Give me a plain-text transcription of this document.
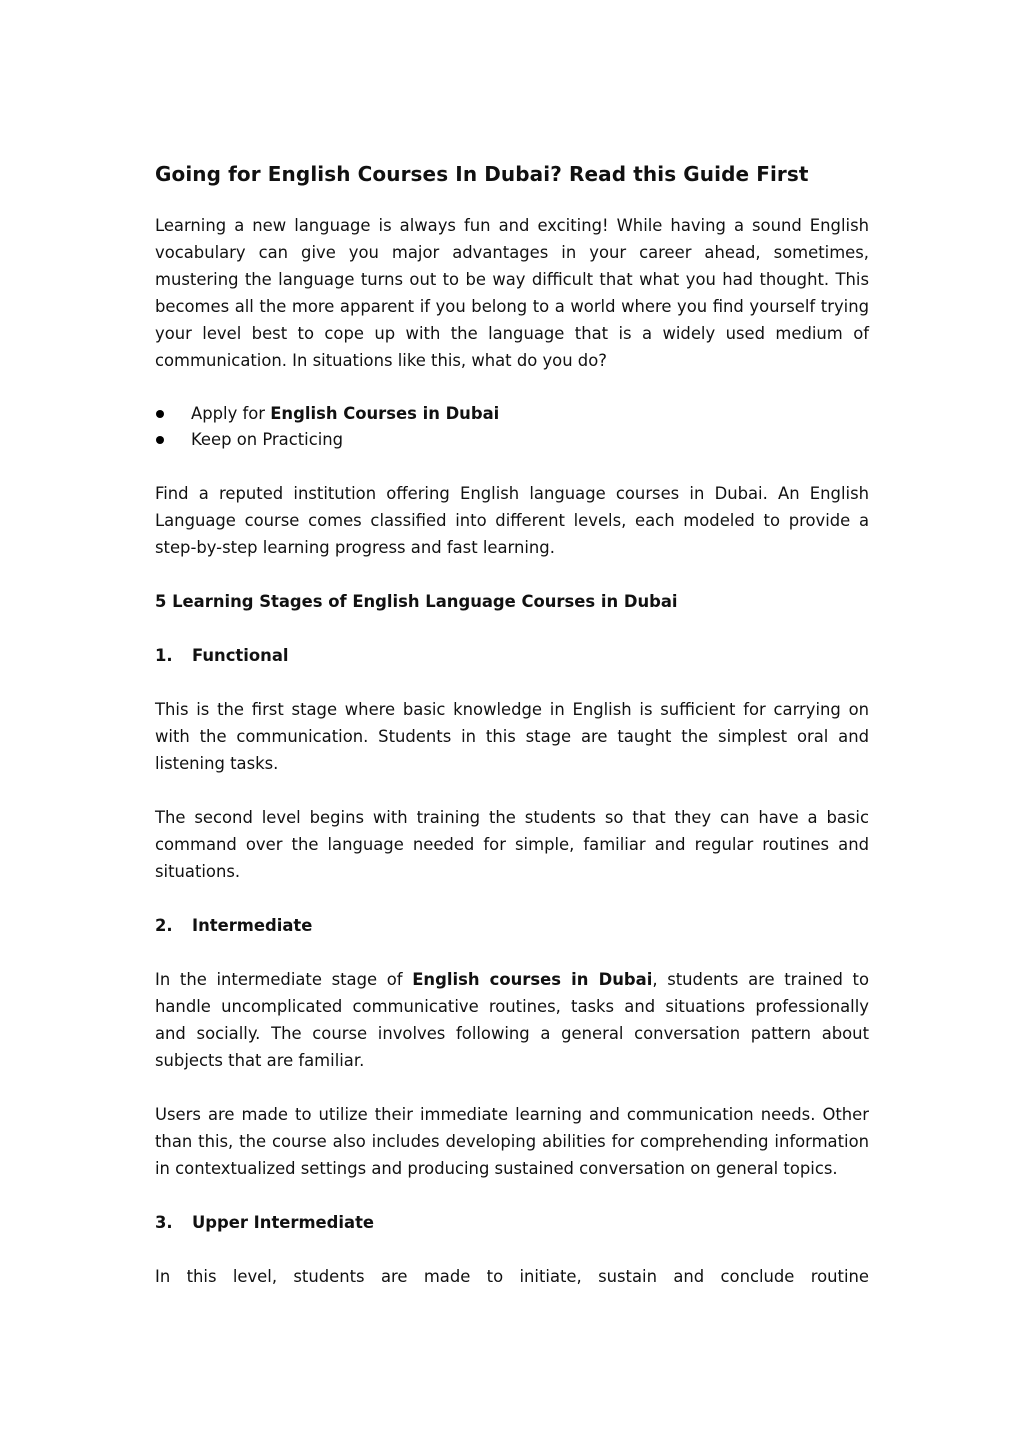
Going for English Courses In Dubai? Read this Guide First

Learning a new language is always fun and exciting! While having a sound English vocabulary can give you major advantages in your career ahead, sometimes, mustering the language turns out to be way difficult that what you had thought. This becomes all the more apparent if you belong to a world where you find yourself trying your level best to cope up with the language that is a widely used medium of communication. In situations like this, what do you do?

Apply for English Courses in Dubai
Keep on Practicing

Find a reputed institution offering English language courses in Dubai. An English Language course comes classified into different levels, each modeled to provide a step-by-step learning progress and fast learning.

5 Learning Stages of English Language Courses in Dubai
1. Functional

This is the first stage where basic knowledge in English is sufficient for carrying on with the communication. Students in this stage are taught the simplest oral and listening tasks.

The second level begins with training the students so that they can have a basic command over the language needed for simple, familiar and regular routines and situations.

2. Intermediate

In the intermediate stage of English courses in Dubai, students are trained to handle uncomplicated communicative routines, tasks and situations professionally and socially. The course involves following a general conversation pattern about subjects that are familiar.

Users are made to utilize their immediate learning and communication needs. Other than this, the course also includes developing abilities for comprehending information in contextualized settings and producing sustained conversation on general topics.

3. Upper Intermediate

In this level, students are made to initiate, sustain and conclude routine
